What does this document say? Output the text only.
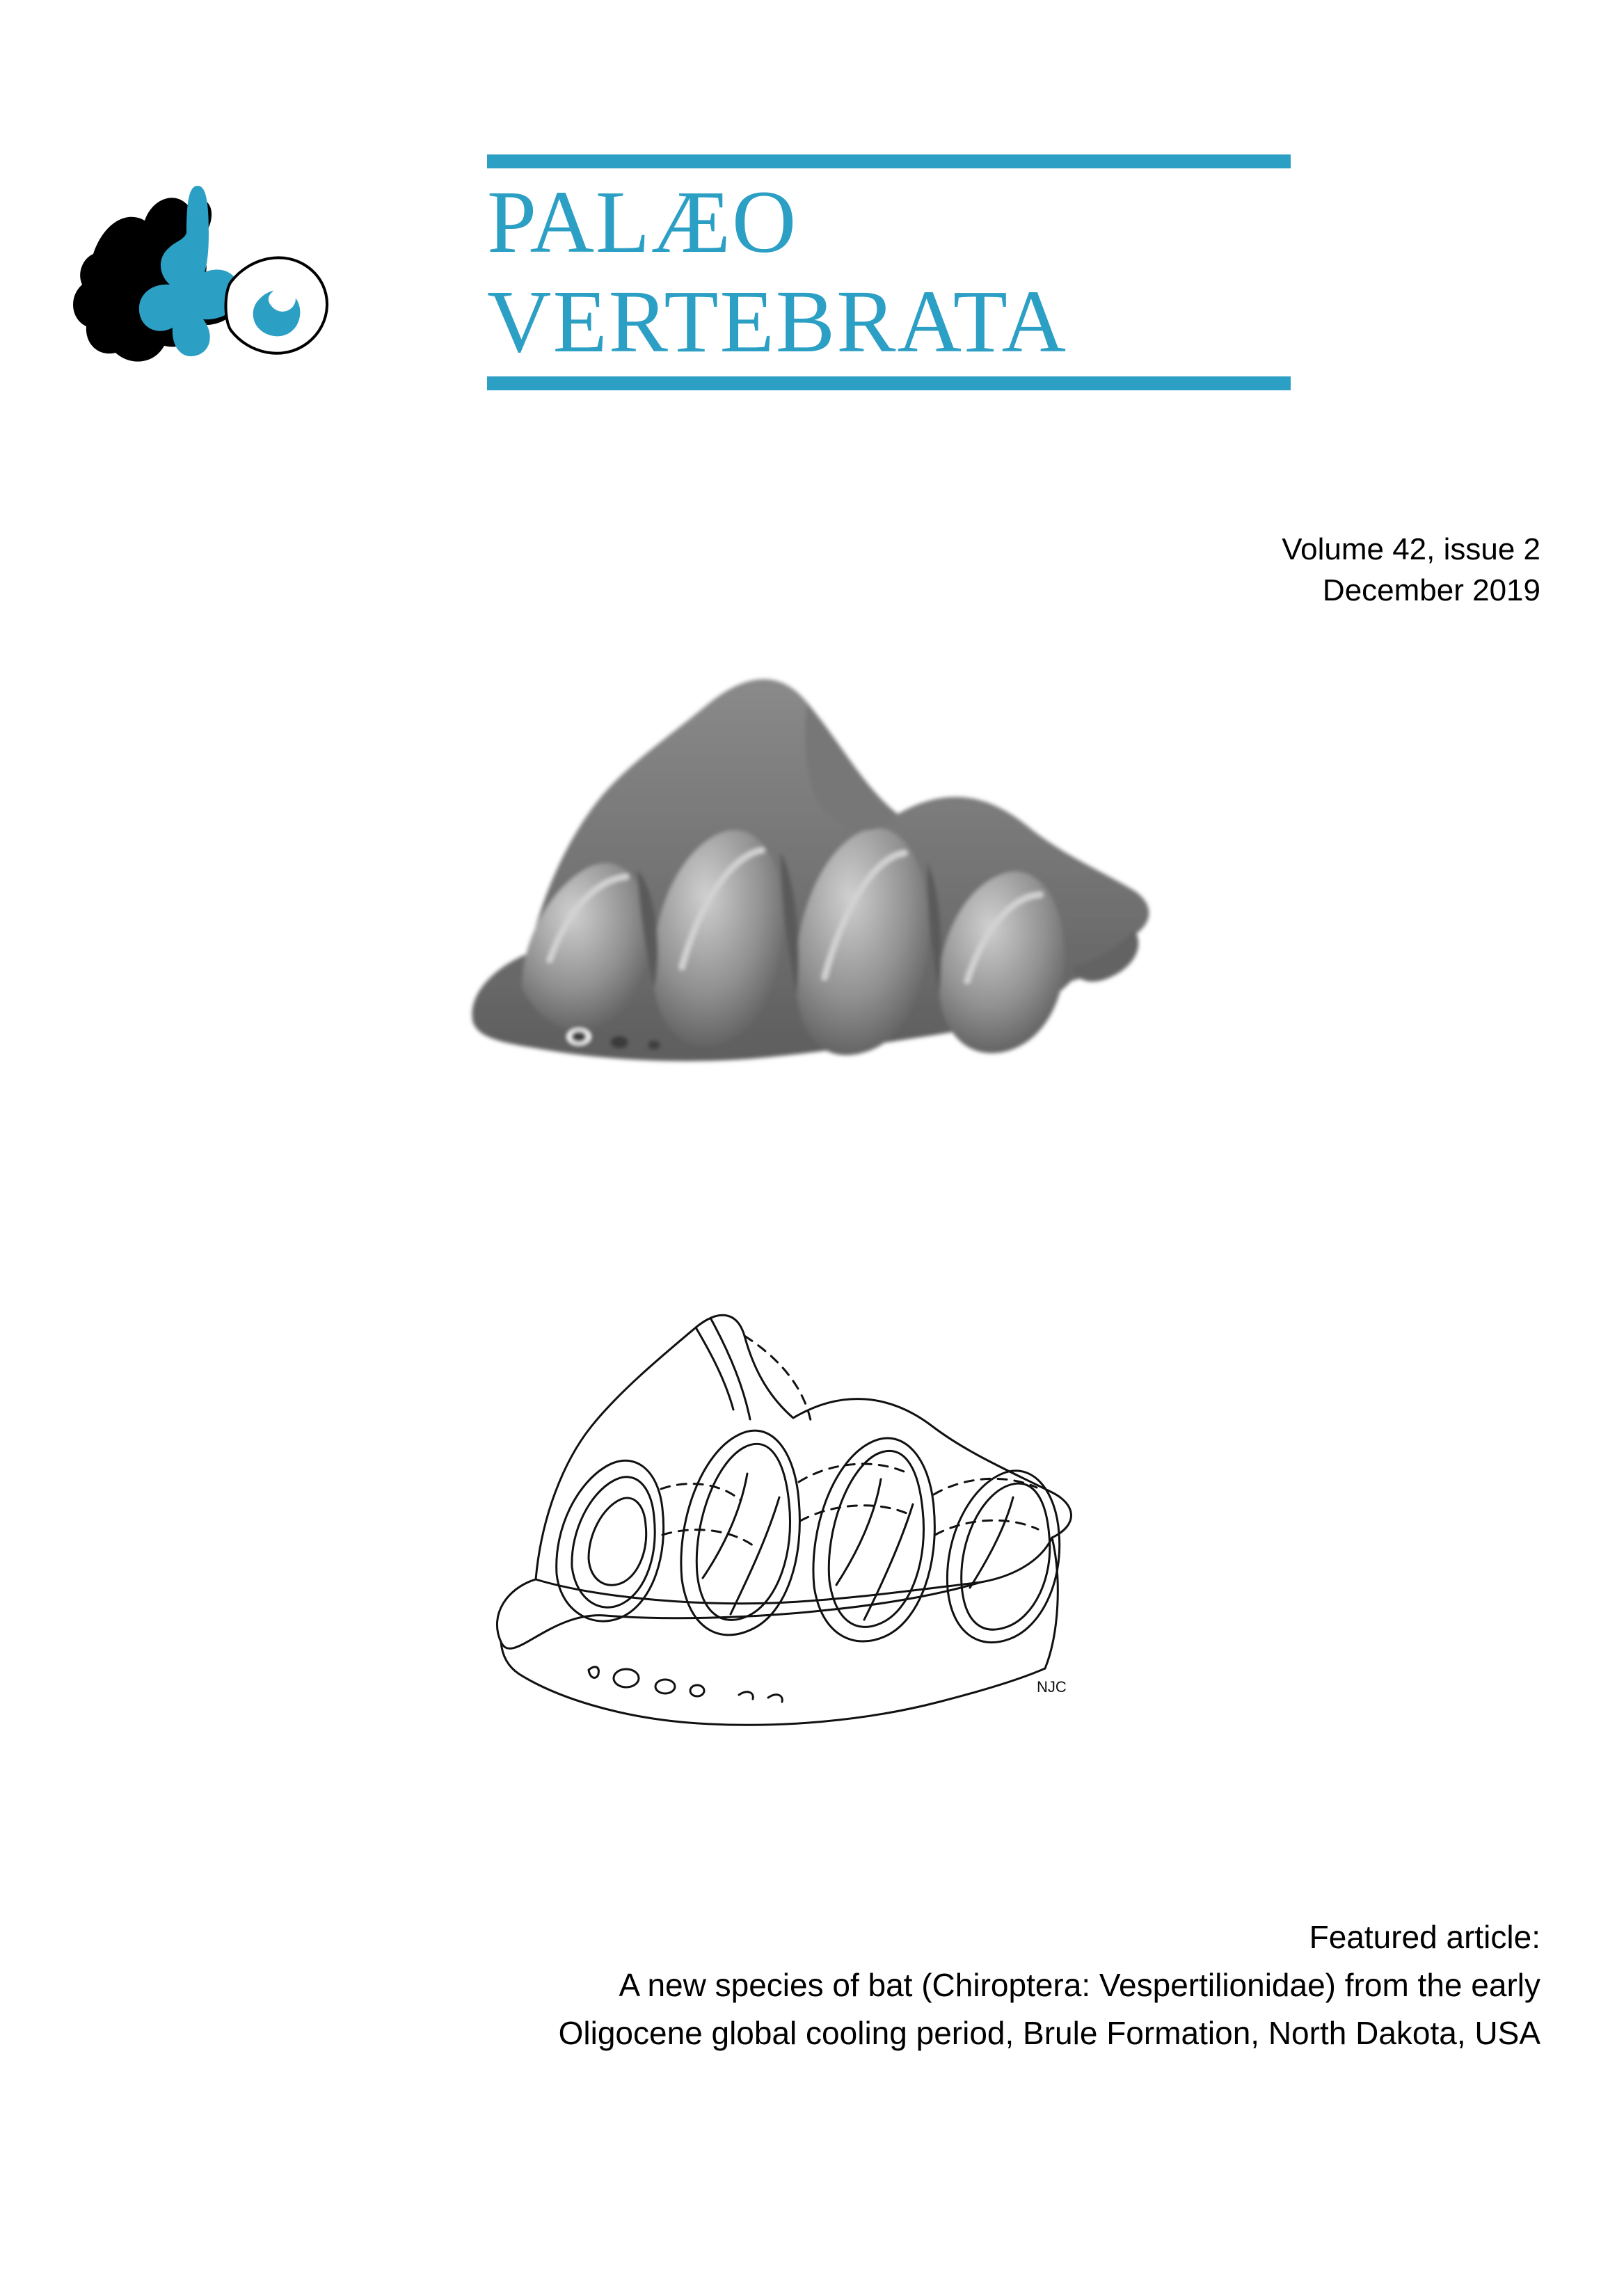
PALÆO
VERTEBRATA
Volume 42, issue 2
December 2019
NJC
Featured article:
A new species of bat (Chiroptera: Vespertilionidae) from the early
Oligocene global cooling period, Brule Formation, North Dakota, USA
